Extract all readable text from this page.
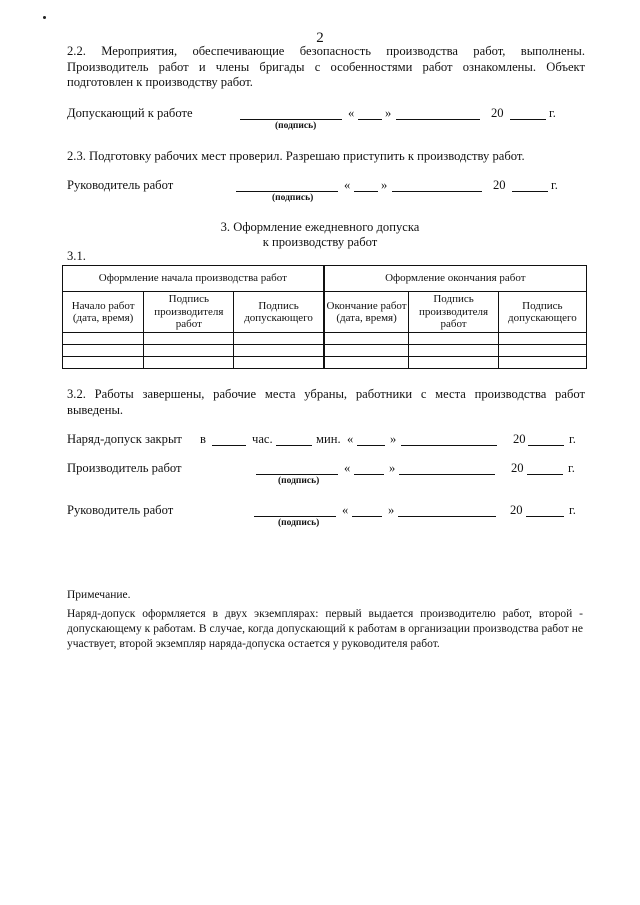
2
2.2. Мероприятия, обеспечивающие безопасность производства работ, выполнены. Производитель работ и члены бригады с особенностями работ ознакомлены. Объект подготовлен к производству работ.
Допускающий к работе	« »	20	г.
(подпись)
2.3. Подготовку рабочих мест проверил. Разрешаю приступить к производству работ.
Руководитель работ	« »	20	г.
(подпись)
3. Оформление ежедневного допуска
к производству работ
3.1.
Оформление начала производства работ			Оформление окончания работ		
Начало работ (дата, время)	Подпись производителя работ	Подпись допускающего	Окончание работ (дата, время)	Подпись производителя работ	Подпись допускающего

3.2. Работы завершены, рабочие места убраны, работники с места производства работ выведены.
Наряд-допуск закрыт в	час.	мин. «	»	20	г.
Производитель работ	«	»	20	г.
(подпись)
Руководитель работ	«	»	20	г.
(подпись)
Примечание.
Наряд-допуск оформляется в двух экземплярах: первый выдается производителю работ, второй - допускающему к работам. В случае, когда допускающий к работам в организации производства работ не участвует, второй экземпляр наряда-допуска остается у руководителя работ.
